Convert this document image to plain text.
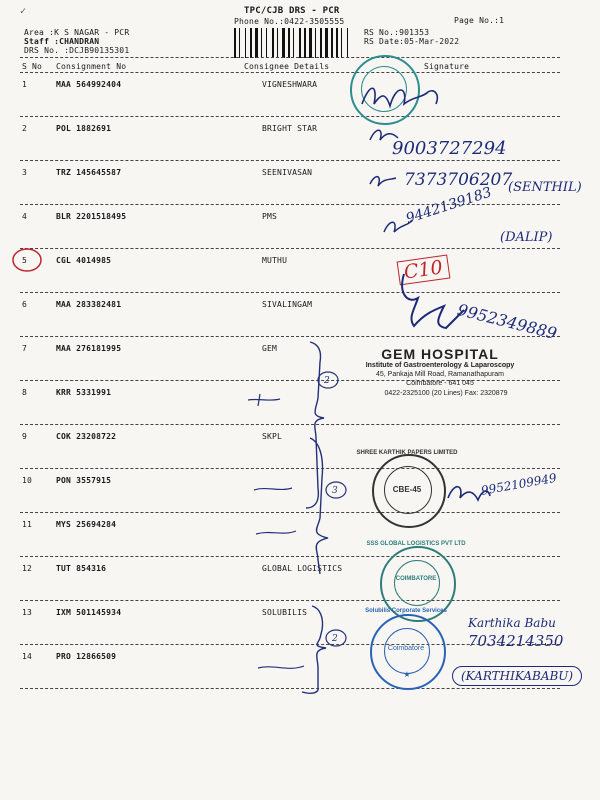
✓	TPC/CJB DRS - PCR
Phone No.:0422-3505555	Page No.:1
Area :K S NAGAR - PCR
Staff :CHANDRAN
DRS No. :DCJB90135301
RS No.:901353
RS Date:05-Mar-2022
S No Consignment No	Consignee Details	Signature
1	MAA 564992404	VIGNESHWARA
2	POL 1882691	BRIGHT STAR
3	TRZ 145645587	SEENIVASAN
4	BLR 2201518495	PMS
5	CGL 4014985	MUTHU
6	MAA 283382481	SIVALINGAM
7	MAA 276181995	GEM
8	KRR 5331991
9	COK 23208722	SKPL
10	PON 3557915
11	MYS 25694284
12	TUT 854316	GLOBAL LOGISTICS
13	IXM 501145934	SOLUBILIS
14	PRO 12866509
2
3
2
GEM HOSPITAL
Institute of Gastroenterology & Laparoscopy
45, Pankaja Mill Road, Ramanathapuram
Coimbatore - 641 045
0422-2325100 (20 Lines) Fax: 2320879
SHREE KARTHIK PAPERS LIMITED
CBE-45
SSS GLOBAL LOGISTICS PVT LTD
COIMBATORE
Solubilis Corporate Services
Coimbatore
★
9003727294
7373706207
(SENTHIL)
9442139183
(DALIP)
C10
9952349889
9952109949
Karthika Babu
7034214350
(KARTHIKABABU)
